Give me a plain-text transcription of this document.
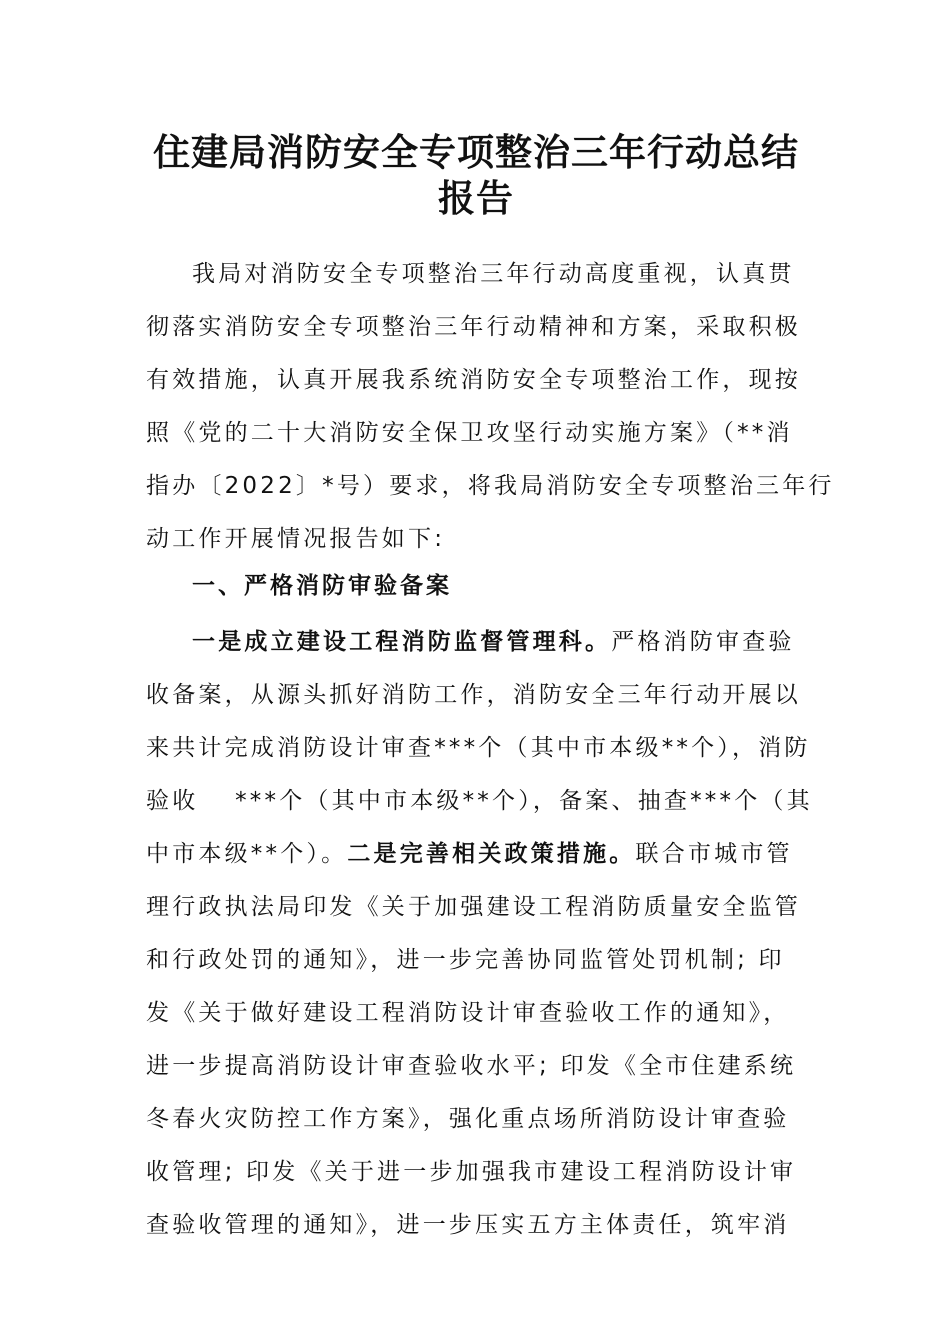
住建局消防安全专项整治三年行动总结
报告
我局对消防安全专项整治三年行动高度重视，认真贯
彻落实消防安全专项整治三年行动精神和方案，采取积极
有效措施，认真开展我系统消防安全专项整治工作，现按
照《党的二十大消防安全保卫攻坚行动实施方案》（**消
指办〔2022〕*号）要求，将我局消防安全专项整治三年行
动工作开展情况报告如下:
一、严格消防审验备案
一是成立建设工程消防监督管理科。严格消防审查验
收备案，从源头抓好消防工作，消防安全三年行动开展以
来共计完成消防设计审查***个（其中市本级**个），消防
验收　 ***个（其中市本级**个），备案、抽查***个（其
中市本级**个）。二是完善相关政策措施。联合市城市管
理行政执法局印发《关于加强建设工程消防质量安全监管
和行政处罚的通知》，进一步完善协同监管处罚机制; 印
发《关于做好建设工程消防设计审查验收工作的通知》，
进一步提高消防设计审查验收水平; 印发《全市住建系统
冬春火灾防控工作方案》，强化重点场所消防设计审查验
收管理; 印发《关于进一步加强我市建设工程消防设计审
查验收管理的通知》，进一步压实五方主体责任，筑牢消
